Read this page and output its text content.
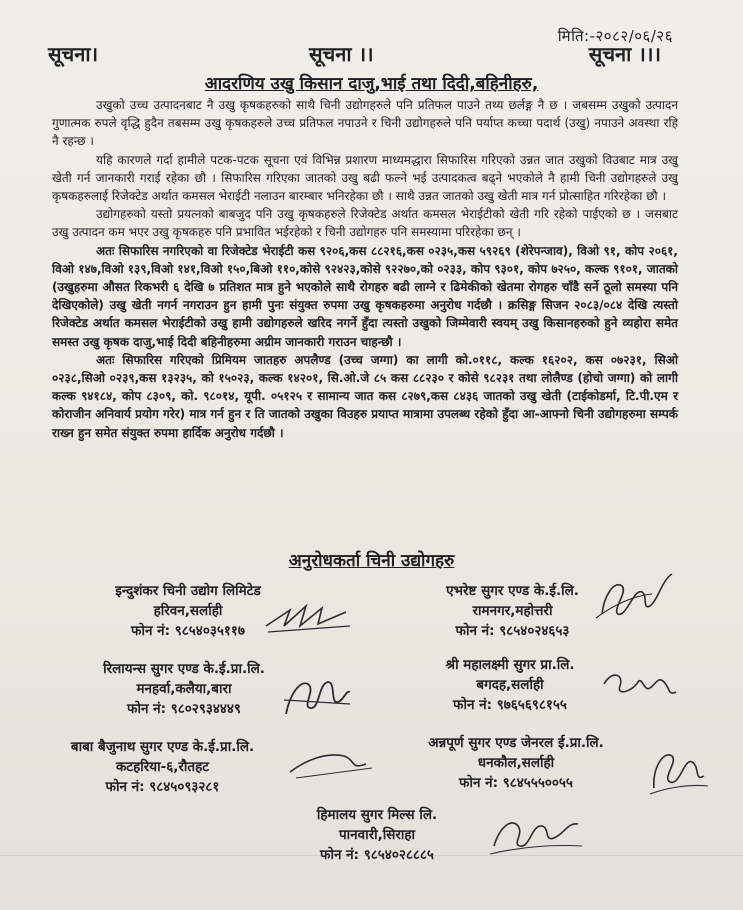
मिति:-२०८२/०६/२६
सूचना।	सूचना ।।	सूचना ।।।
आदरणिय उखु किसान दाजु,भाई तथा दिदी,बहिनीहरु,

उखुको उच्च उत्पादनबाट नै उखु कृषकहरुको साथै चिनी उद्योगहरुले पनि प्रतिफल पाउने तथ्य छर्लङ्ग नै छ । जबसम्म उखुको उत्पादन गुणात्मक रुपले वृद्धि हुदैन तबसम्म उखु कृषकहरुले उच्च प्रतिफल नपाउने र चिनी उद्योगहरुले पनि पर्याप्त कच्चा पदार्थ (उखु) नपाउने अवस्था रहि नै रहन्छ ।

यहि कारणले गर्दा हामीले पटक-पटक सूचना एवं विभिन्न प्रशारण माध्यमद्धारा सिफारिस गरिएको उन्नत जात उखुको विउबाट मात्र उखु खेती गर्न जानकारी गराई रहेका छौ । सिफारिस गरिएका जातको उखु बढी फल्ने भई उत्पादकत्व बढ्ने भएकोले नै हामी चिनी उद्योगहरुले उखु कृषकहरुलाई रिजेक्टेड अर्थात कमसल भेराईटी नलाउन बारम्बार भनिरहेका छौ । साथै उन्नत जातको उखु खेती मात्र गर्न प्रोत्साहित गरिरहेका छौ ।

उद्योगहरुको यस्तो प्रयत्नको बाबजुद पनि उखु कृषकहरुले रिजेक्टेड अर्थात कमसल भेराईटीको खेती गरि रहेको पाईएको छ । जसबाट उखु उत्पादन कम भएर उखु कृषकहरु पनि प्रभावित भईरहेको र चिनी उद्योगहरु पनि समस्यामा परिरहेका छन् ।

अतः सिफारिस नगरिएको वा रिजेक्टेड भेराईटी कस ९२०६,कस ८८२१६,कस ०२३५,कस ५९२६९ (शेरेपन्जाव), विओ ९१, कोप २०६१, विओ १४७,विओ १३९,विओ १४१,विओ १५०,बिओ ११०,कोसे ९२४२३,कोसे ९२२७०,को ०२३३, कोप ९३०१, कोप ७२५०, कल्क ९१०१, जातको (उखुहरुमा औसत रिकभरी ६ देखि ७ प्रतिशत मात्र हुने भएकोले साथै रोगहरु बढी लाग्ने र ढिमेकीको खेतमा रोगहरु चाँडै सर्ने ठूलो समस्या पनि देखिएकोले) उखु खेती नगर्न नगराउन हुन हामी पुनः संयुक्त रुपमा उखु कृषकहरुमा अनुरोध गर्दछौ । क्रसिङ्ग सिजन २०८३/०८४ देखि त्यस्तो रिजेक्टेड अर्थात कमसल भेराईटीको उखु हामी उद्योगहरुले खरिद नगर्ने हुँदा त्यस्तो उखुको जिम्मेवारी स्वयम् उखु किसानहरुको हुने व्यहोरा समेत समस्त उखु कृषक दाजु,भाई दिदी बहिनीहरुमा अग्रीम जानकारी गराउन चाहन्छौ ।

अतः सिफारिस गरिएको प्रिमियम जातहरु अपलैण्ड (उच्च जग्गा) का लागी को.०११८, कल्क १६२०२, कस ०७२३१, सिओ ०२३८,सिओ ०२३९,कस १३२३५, को १५०२३, कल्क १४२०१, सि.ओ.जे ८५ कस ८८२३० र कोसे ९८२३१ तथा लोलैण्ड (होचो जग्गा) को लागी कल्क ९४१८४, कोप ८३०९, को. ९८०१४, यूपी. ०५१२५ र सामान्य जात कस ८२७९,कस ८४३६ जातको उखु खेती (टाईकोडर्मा, टि.पी.एम र कोराजीन अनिवार्य प्रयोग गरेर) मात्र गर्न हुन र ति जातको उखुका विउहरु प्रयाप्त मात्रामा उपलब्ध रहेको हुँदा आ-आफ्नो चिनी उद्योगहरुमा सम्पर्क राख्न हुन समेत संयुक्त रुपमा हार्दिक अनुरोध गर्दछौ ।

अनुरोधकर्ता चिनी उद्योगहरु
इन्दुशंकर चिनी उद्योग लिमिटेड
हरिवन,सर्लाही
फोन नं: ९८५४०३५११७
एभरेष्ट सुगर एण्ड के.ई.लि.
रामनगर,महोत्तरी
फोन नं: ९८५४०२४६५३
रिलायन्स सुगर एण्ड के.ई.प्रा.लि.
मनहर्वा,कलैया,बारा
फोन नं: ९८०२९३४४४९
श्री महालक्ष्मी सुगर प्रा.लि.
बगदह,सर्लाही
फोन नं: ९७६५६९८१५५
बाबा बैजुनाथ सुगर एण्ड के.ई.प्रा.लि.
कटहरिया-६,रौतहट
फोन नं: ९८४५०९३२८१
अन्नपूर्ण सुगर एण्ड जेनरल ई.प्रा.लि.
धनकौल,सर्लाही
फोन नं: ९८४५५५००५५
हिमालय सुगर मिल्स लि.
पानवारी,सिराहा
फोन नं: ९८५४०२८८८५
